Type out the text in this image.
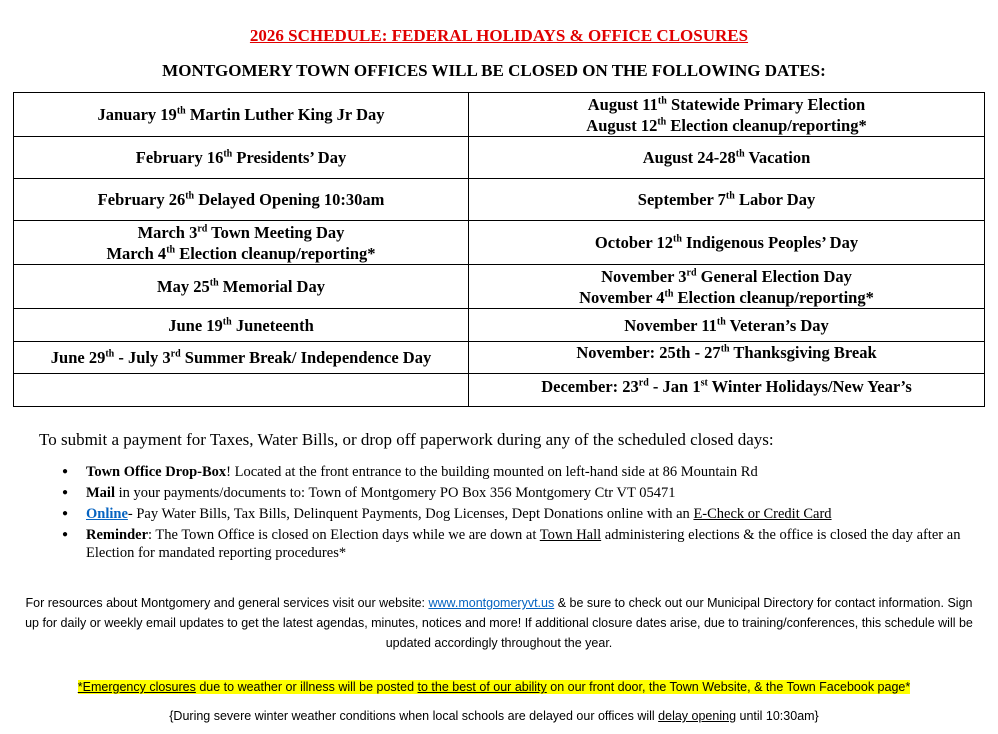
2026 SCHEDULE: FEDERAL HOLIDAYS & OFFICE CLOSURES
MONTGOMERY TOWN OFFICES WILL BE CLOSED ON THE FOLLOWING DATES:
January 19th Martin Luther King Jr Day	August 11th Statewide Primary Election
August 12th Election cleanup/reporting*
February 16th Presidents’ Day	August 24-28th Vacation
February 26th Delayed Opening 10:30am	September 7th Labor Day
March 3rd Town Meeting Day
March 4th Election cleanup/reporting*	October 12th Indigenous Peoples’ Day
May 25th Memorial Day	November 3rd General Election Day
November 4th Election cleanup/reporting*
June 19th Juneteenth	November 11th Veteran’s Day
June 29th - July 3rd Summer Break/ Independence Day	November: 25th - 27th Thanksgiving Break
	December: 23rd - Jan 1st Winter Holidays/New Year’s
To submit a payment for Taxes, Water Bills, or drop off paperwork during any of the scheduled closed days:
● Town Office Drop-Box! Located at the front entrance to the building mounted on left-hand side at 86 Mountain Rd
● Mail in your payments/documents to: Town of Montgomery PO Box 356 Montgomery Ctr VT 05471
● Online- Pay Water Bills, Tax Bills, Delinquent Payments, Dog Licenses, Dept Donations online with an E-Check or Credit Card
● Reminder: The Town Office is closed on Election days while we are down at Town Hall administering elections & the office is closed the day after an Election for mandated reporting procedures*
For resources about Montgomery and general services visit our website: www.montgomeryvt.us & be sure to check out our Municipal Directory for contact information. Sign up for daily or weekly email updates to get the latest agendas, minutes, notices and more! If additional closure dates arise, due to training/conferences, this schedule will be updated accordingly throughout the year.
*Emergency closures due to weather or illness will be posted to the best of our ability on our front door, the Town Website, & the Town Facebook page*
{During severe winter weather conditions when local schools are delayed our offices will delay opening until 10:30am}
